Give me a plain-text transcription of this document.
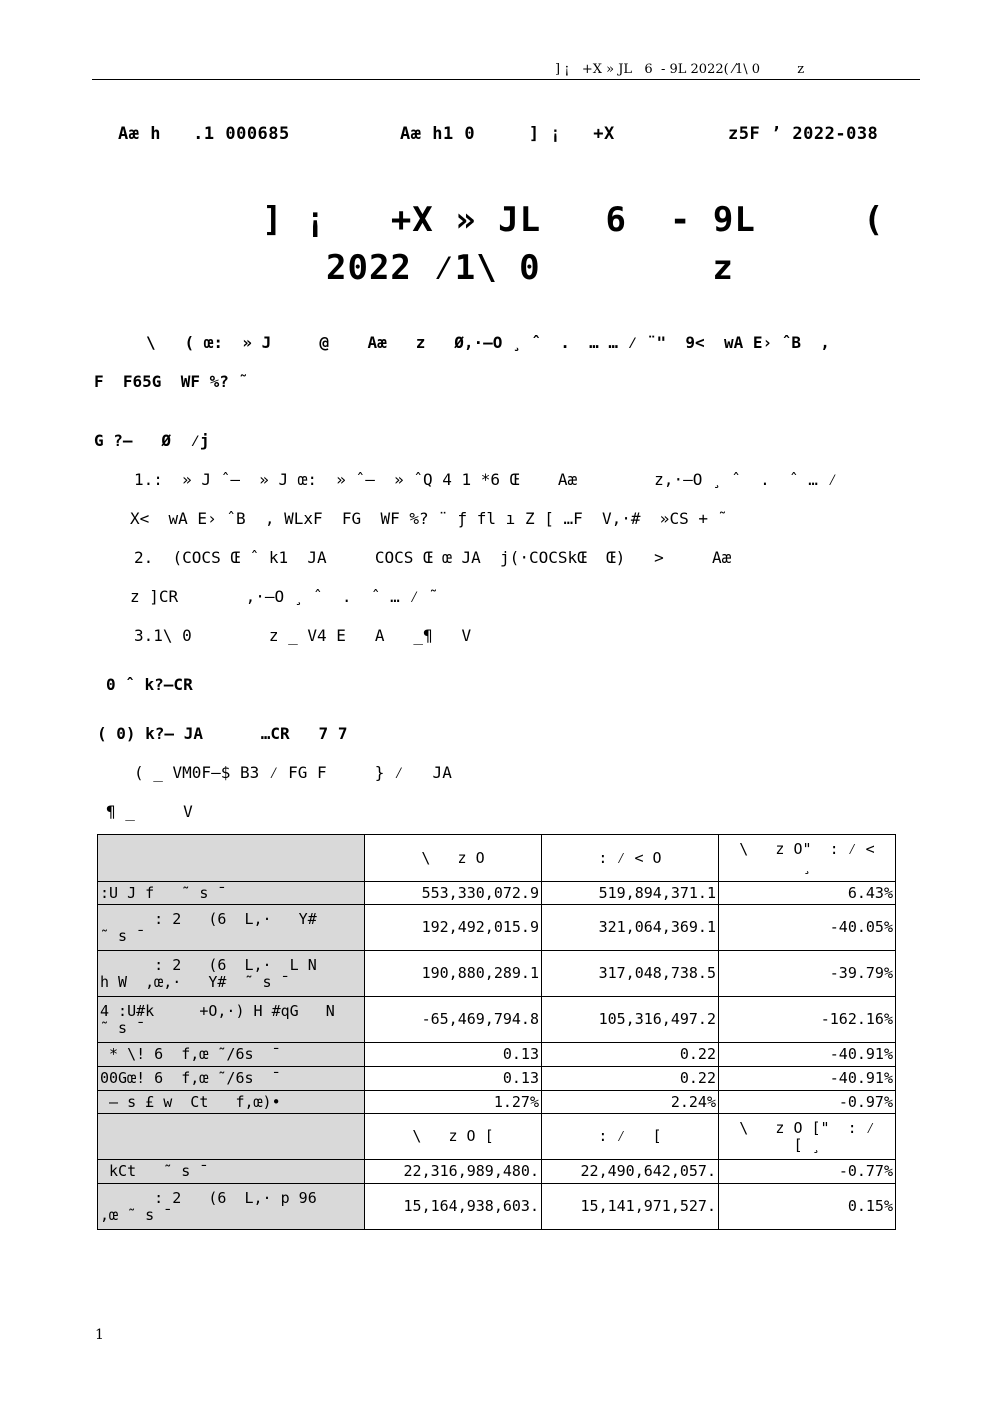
] ¡   +X » JL   6  - 9L 2022( ⁄1\ 0         z
Aæ h   .1 000685	Aæ h1 0     ] ¡   +X	z5F ’ 2022-038
] ¡   +X » JL   6  - 9L     (
2022 ⁄1\ 0        z
\   ( œ:  » J     @    Aæ   z   Ø,·–O ¸ ˆ  .  … … ⁄ ¨"  9<  wA E› ˆB  ,
F  F65G  WF %? ˜
G ?–   Ø  ⁄j
1.:  » J ˆ–  » J œ:  » ˆ–  » ˆQ 4 1 *6 Œ    Aæ        z,·–O ¸ ˆ  .  ˆ … ⁄
X<  wA E› ˆB  , WLxF  FG  WF %? ¨ ƒ fl ı Z [ …F  V,·#  »CS + ˜
2.  (COCS Œ ˆ k1  JA     COCS Œ œ JA  j(·COCSkŒ  Œ)   >     Aæ
z ]CR       ,·–O ¸ ˆ  .  ˆ … ⁄ ˜
3.1\ 0        z _ V4 E   A   _¶   V
0 ˆ k?–CR
( 0) k?– JA      …CR   7 7
( _ VM0F–$ B3 ⁄ FG F     } ⁄   JA
¶ _     V
	\   z O	: ⁄ < O	\   z O"  : ⁄ <
¸
:U J f   ˜ s ˉ	553,330,072.9	519,894,371.1	6.43%
: 2   (6  L,·   Y#
˜ s ˉ	192,492,015.9	321,064,369.1	-40.05%
: 2   (6  L,·  L N
h W  ,œ,·   Y#  ˜ s ˉ	190,880,289.1	317,048,738.5	-39.79%
4 :U#k     +O,·) H #qG   N
˜ s ˉ	-65,469,794.8	105,316,497.2	-162.16%
* \! 6  f,œ ˜/6s  ˉ	0.13	0.22	-40.91%
00Gœ! 6  f,œ ˜/6s  ˉ	0.13	0.22	-40.91%
— s £ w  Ct   f,œ)•	1.27%	2.24%	-0.97%
	\   z O [	: ⁄   [	\   z O ["  : ⁄
[ ¸
kCt   ˜ s ˉ	22,316,989,480.	22,490,642,057.	-0.77%
: 2   (6  L,· p 96
,œ ˜ s ˉ	15,164,938,603.	15,141,971,527.	0.15%
1
